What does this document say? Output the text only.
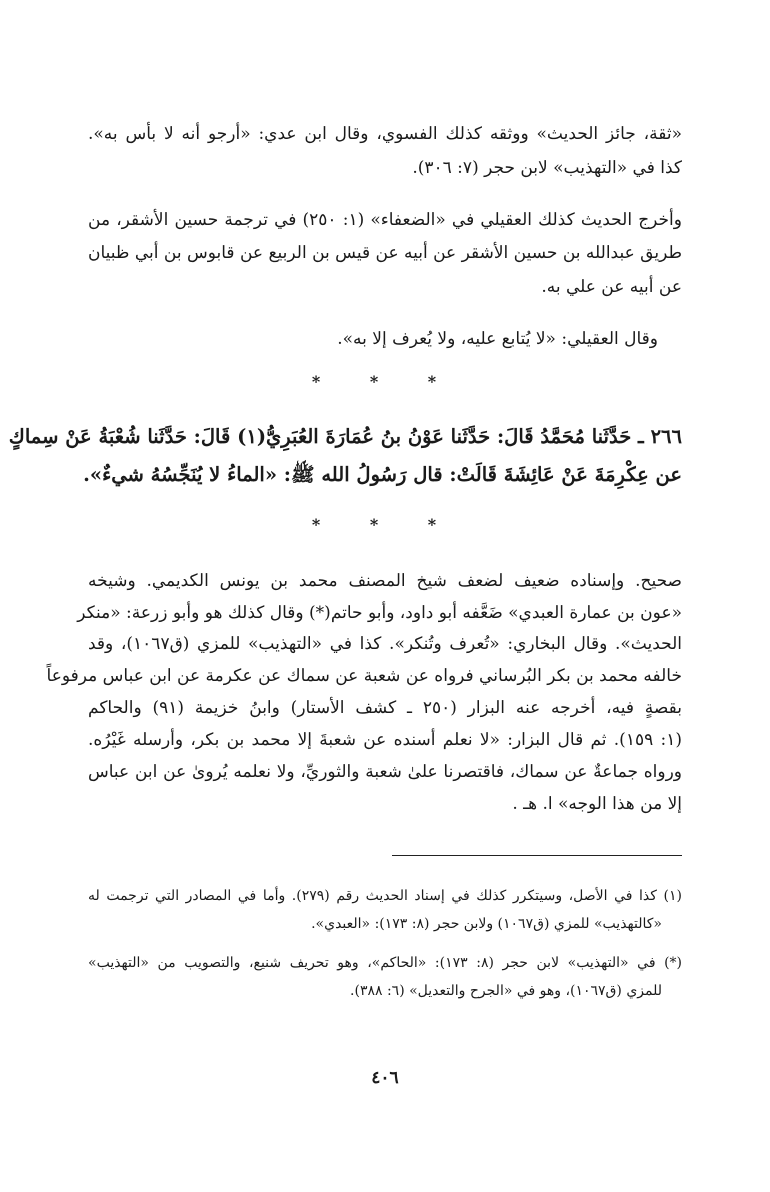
«ثقة، جائز الحديث» ووثقه كذلك الفسوي، وقال ابن عدي: «أرجو أنه لا بأس به».
كذا في «التهذيب» لابن حجر (٧: ٣٠٦).
وأخرج الحديث كذلك العقيلي في «الضعفاء» (١: ٢٥٠) في ترجمة حسين الأشقر، من
طريق عبدالله بن حسين الأشقر عن أبيه عن قيس بن الربيع عن قابوس بن أبي ظبيان
عن أبيه عن علي به.
وقال العقيلي: «لا يُتابع عليه، ولا يُعرف إلا به».
* * *
٢٦٦ ـ حَدَّثَنا مُحَمَّدُ قَالَ: حَدَّثَنا عَوْنُ بنُ عُمَارَةَ العُبَرِيُّ(١) قَالَ: حَدَّثَنا شُعْبَةُ عَنْ سِماكٍ
عن عِكْرِمَةَ عَنْ عَائِشَةَ قَالَتْ: قال رَسُولُ الله ﷺ: «الماءُ لا يُنَجِّسُهُ شيءٌ».
* * *
صحيح. وإسناده ضعيف لضعف شيخ المصنف محمد بن يونس الكديمي. وشيخه
«عون بن عمارة العبدي» ضَعَّفه أبو داود، وأبو حاتم(*) وقال كذلك هو وأبو زرعة: «منكر
الحديث». وقال البخاري: «تُعرف وتُنكر». كذا في «التهذيب» للمزي (ق١٠٦٧)، وقد
خالفه محمد بن بكر البُرساني فرواه عن شعبة عن سماك عن عكرمة عن ابن عباس مرفوعاً
بقصةٍ فيه، أخرجه عنه البزار (٢٥٠ ـ كشف الأستار) وابنُ خزيمة (٩١) والحاكم
(١: ١٥٩). ثم قال البزار: «لا نعلم أسنده عن شعبةَ إلا محمد بن بكر، وأرسله غَيْرُه.
ورواه جماعةٌ عن سماك، فاقتصرنا علىٰ شعبة والثوريِّ، ولا نعلمه يُروىٰ عن ابن عباس
إلا من هذا الوجه» ا. هـ .
(١) كذا في الأصل، وسيتكرر كذلك في إسناد الحديث رقم (٢٧٩). وأما في المصادر التي ترجمت له
«كالتهذيب» للمزي (ق١٠٦٧) ولابن حجر (٨: ١٧٣): «العبدي».
(*) في «التهذيب» لابن حجر (٨: ١٧٣): «الحاكم»، وهو تحريف شنيع، والتصويب من «التهذيب»
للمزي (ق١٠٦٧)، وهو في «الجرح والتعديل» (٦: ٣٨٨).
٤٠٦
